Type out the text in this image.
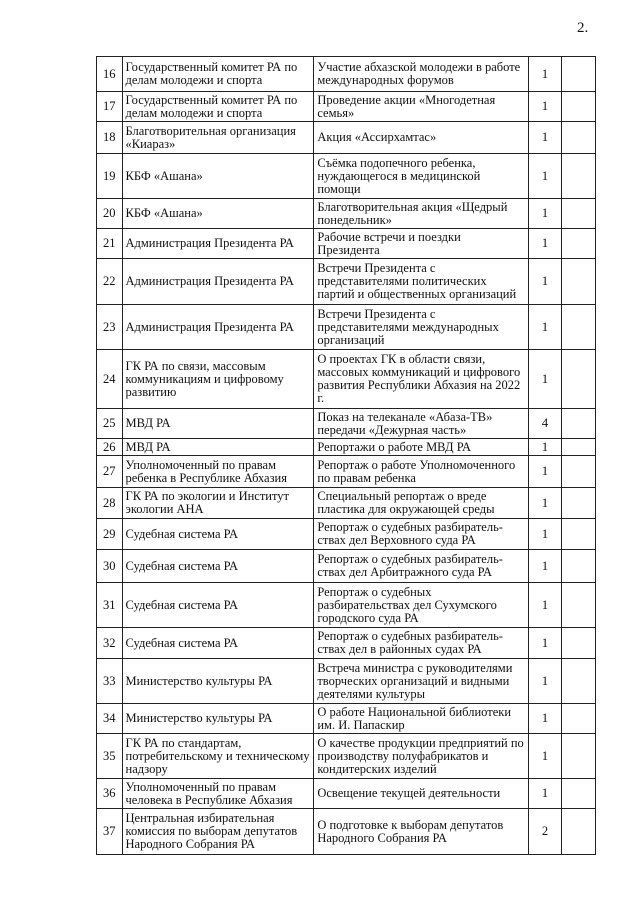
2.
16	Государственный комитет РА по делам молодежи и спорта	Участие абхазской молодежи в работе международных форумов	1	
17	Государственный комитет РА по делам молодежи и спорта	Проведение акции «Многодетная семья»	1	
18	Благотворительная организация «Киараз»	Акция «Ассирхамтас»	1	
19	КБФ «Ашана»	Съёмка подопечного ребенка, нуждающегося в медицинской помощи	1	
20	КБФ «Ашана»	Благотворительная акция «Щедрый понедельник»	1	
21	Администрация Президента РА	Рабочие встречи и поездки Президента	1	
22	Администрация Президента РА	Встречи Президента с представителями политических партий и общественных организаций	1	
23	Администрация Президента РА	Встречи Президента с представителями международных организаций	1	
24	ГК РА по связи, массовым коммуникациям и цифровому развитию	О проектах ГК в области связи, массовых коммуникаций и цифрового развития Республики Абхазия на 2022 г.	1	
25	МВД РА	Показ на телеканале «Абаза-ТВ» передачи «Дежурная часть»	4	
26	МВД РА	Репортажи о работе МВД РА	1	
27	Уполномоченный по правам ребенка в Республике Абхазия	Репортаж о работе Уполномоченного по правам ребенка	1	
28	ГК РА по экологии и Институт экологии АНА	Специальный репортаж о вреде пластика для окружающей среды	1	
29	Судебная система РА	Репортаж о судебных разбиратель-ствах дел Верховного суда РА	1	
30	Судебная система РА	Репортаж о судебных разбиратель-ствах дел Арбитражного суда РА	1	
31	Судебная система РА	Репортаж о судебных разбирательствах дел Сухумского городского суда РА	1	
32	Судебная система РА	Репортаж о судебных разбиратель-ствах дел в районных судах РА	1	
33	Министерство культуры РА	Встреча министра с руководителями творческих организаций и видными деятелями культуры	1	
34	Министерство культуры РА	О работе Национальной библиотеки им. И. Папаскир	1	
35	ГК РА по стандартам, потребительскому и техническому надзору	О качестве продукции предприятий по производству полуфабрикатов и кондитерских изделий	1	
36	Уполномоченный по правам человека в Республике Абхазия	Освещение текущей деятельности	1	
37	Центральная избирательная комиссия по выборам депутатов Народного Собрания РА	О подготовке к выборам депутатов Народного Собрания РА	2	
